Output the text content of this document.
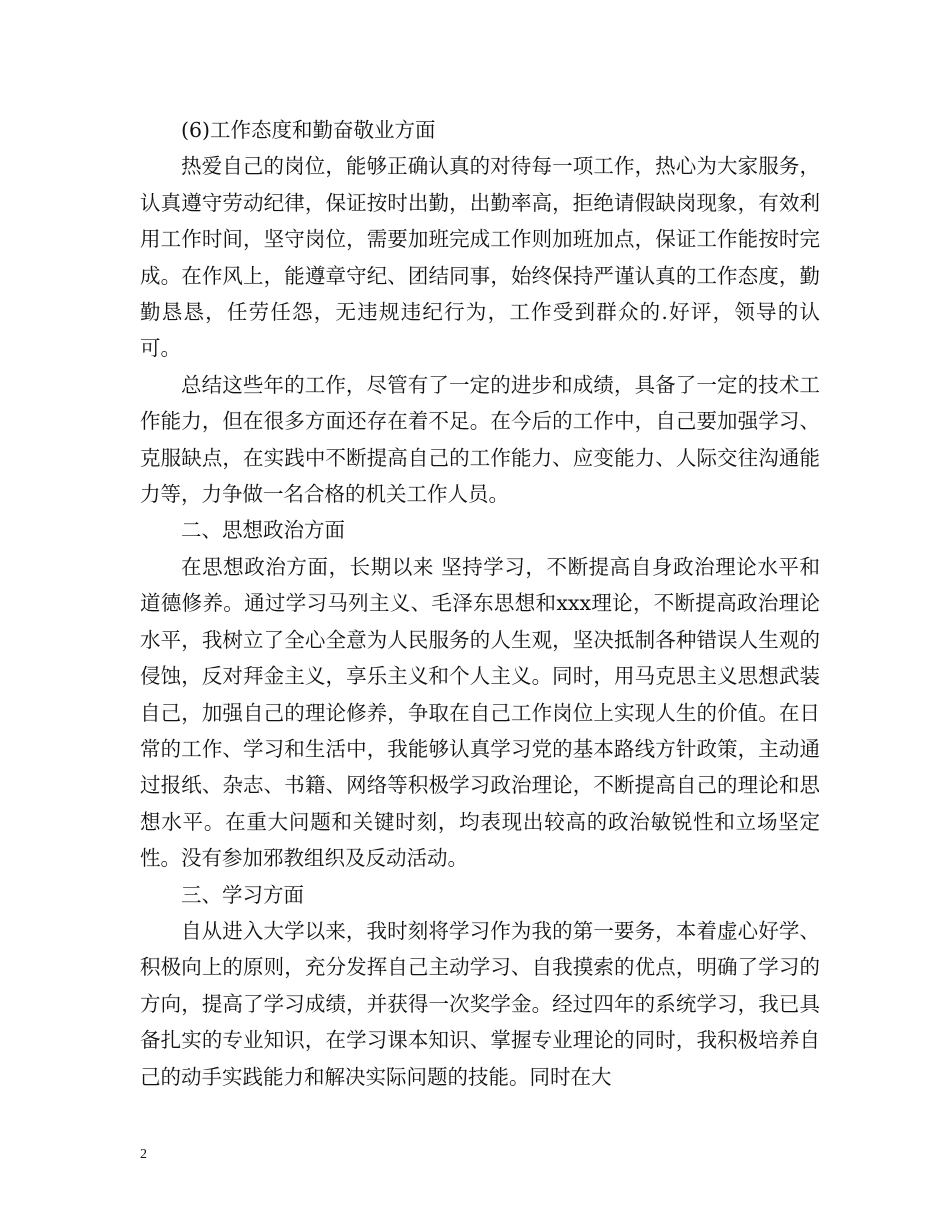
(6)工作态度和勤奋敬业方面

热爱自己的岗位，能够正确认真的对待每一项工作，热心为大家服务，认真遵守劳动纪律，保证按时出勤，出勤率高，拒绝请假缺岗现象，有效利用工作时间，坚守岗位，需要加班完成工作则加班加点，保证工作能按时完成。在作风上，能遵章守纪、团结同事，始终保持严谨认真的工作态度，勤勤恳恳，任劳任怨，无违规违纪行为，工作受到群众的.好评，领导的认可。

总结这些年的工作，尽管有了一定的进步和成绩，具备了一定的技术工作能力，但在很多方面还存在着不足。在今后的工作中，自己要加强学习、克服缺点，在实践中不断提高自己的工作能力、应变能力、人际交往沟通能力等，力争做一名合格的机关工作人员。

二、思想政治方面

在思想政治方面，长期以来 坚持学习，不断提高自身政治理论水平和道德修养。通过学习马列主义、毛泽东思想和xxx理论，不断提高政治理论水平，我树立了全心全意为人民服务的人生观，坚决抵制各种错误人生观的侵蚀，反对拜金主义，享乐主义和个人主义。同时，用马克思主义思想武装自己，加强自己的理论修养，争取在自己工作岗位上实现人生的价值。在日常的工作、学习和生活中，我能够认真学习党的基本路线方针政策，主动通过报纸、杂志、书籍、网络等积极学习政治理论，不断提高自己的理论和思想水平。在重大问题和关键时刻，均表现出较高的政治敏锐性和立场坚定性。没有参加邪教组织及反动活动。

三、学习方面

自从进入大学以来，我时刻将学习作为我的第一要务，本着虚心好学、积极向上的原则，充分发挥自己主动学习、自我摸索的优点，明确了学习的方向，提高了学习成绩，并获得一次奖学金。经过四年的系统学习，我已具备扎实的专业知识，在学习课本知识、掌握专业理论的同时，我积极培养自己的动手实践能力和解决实际问题的技能。同时在大

2
